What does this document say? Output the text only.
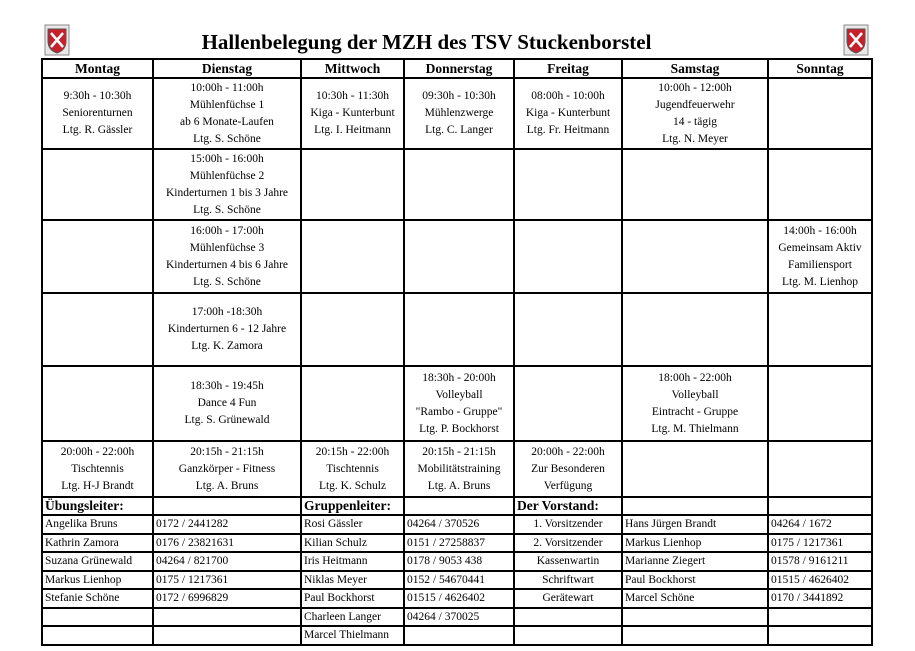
Hallenbelegung der MZH des TSV Stuckenborstel
Montag	Dienstag	Mittwoch	Donnerstag	Freitag	Samstag	Sonntag

9:30h - 10:30h
Seniorenturnen
Ltg. R. Gässler	10:00h - 11:00h
Mühlenfüchse 1
ab 6 Monate-Laufen
Ltg. S. Schöne	10:30h - 11:30h
Kiga - Kunterbunt
Ltg. I. Heitmann	09:30h - 10:30h
Mühlenzwerge
Ltg. C. Langer	08:00h - 10:00h
Kiga - Kunterbunt
Ltg. Fr. Heitmann	10:00h - 12:00h
Jugendfeuerwehr
14 - tägig
Ltg. N. Meyer	

	15:00h - 16:00h
Mühlenfüchse 2
Kinderturnen 1 bis 3 Jahre
Ltg. S. Schöne					

	16:00h - 17:00h
Mühlenfüchse 3
Kinderturnen 4 bis 6 Jahre
Ltg. S. Schöne					14:00h - 16:00h
Gemeinsam Aktiv
Familiensport
Ltg. M. Lienhop

	17:00h -18:30h
Kinderturnen 6 - 12 Jahre
Ltg. K. Zamora					

	18:30h - 19:45h
Dance 4 Fun
Ltg. S. Grünewald		18:30h - 20:00h
Volleyball
"Rambo - Gruppe"
Ltg. P. Bockhorst		18:00h - 22:00h
Volleyball
Eintracht - Gruppe
Ltg. M. Thielmann	

20:00h - 22:00h
Tischtennis
Ltg. H-J Brandt	20:15h - 21:15h
Ganzkörper - Fitness
Ltg. A. Bruns	20:15h - 22:00h
Tischtennis
Ltg. K. Schulz	20:15h - 21:15h
Mobilitätstraining
Ltg. A. Bruns	20:00h - 22:00h
Zur Besonderen
Verfügung		

Übungsleiter:		Gruppenleiter:		Der Vorstand:		
Angelika Bruns	0172 / 2441282	Rosi Gässler	04264 / 370526	1. Vorsitzender	Hans Jürgen Brandt	04264 / 1672
Kathrin Zamora	0176 / 23821631	Kilian Schulz	0151 / 27258837	2. Vorsitzender	Markus Lienhop	0175 / 1217361
Suzana Grünewald	04264 / 821700	Iris Heitmann	0178 / 9053 438	Kassenwartin	Marianne Ziegert	01578 / 9161211
Markus Lienhop	0175 / 1217361	Niklas Meyer	0152 / 54670441	Schriftwart	Paul Bockhorst	01515 / 4626402
Stefanie Schöne	0172 / 6996829	Paul Bockhorst	01515 / 4626402	Gerätewart	Marcel Schöne	0170 / 3441892
		Charleen Langer	04264 / 370025			
		Marcel Thielmann				
